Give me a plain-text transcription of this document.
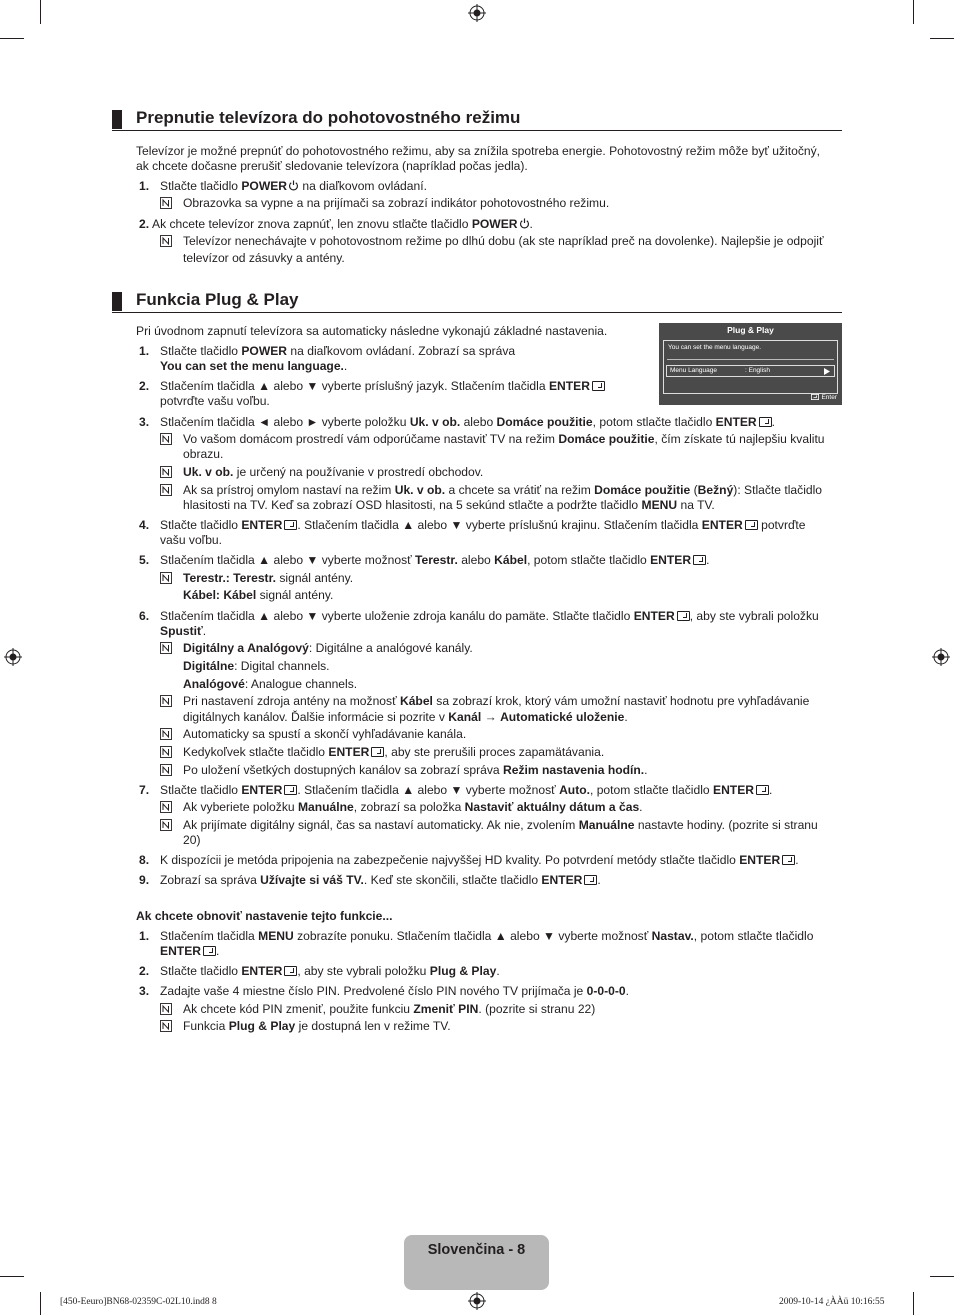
Prepnutie televízora do pohotovostného režimu
Televízor je možné prepnúť do pohotovostného režimu, aby sa znížila spotreba energie. Pohotovostný režim môže byť užitočný,
ak chcete dočasne prerušiť sledovanie televízora (napríklad počas jedla).
1. Stlačte tlačidlo POWER na diaľkovom ovládaní.
Obrazovka sa vypne a na prijímači sa zobrazí indikátor pohotovostného režimu.
2. Ak chcete televízor znova zapnúť, len znovu stlačte tlačidlo POWER .
Televízor nenechávajte v pohotovostnom režime po dlhú dobu (ak ste napríklad preč na dovolenke). Najlepšie je odpojiť
televízor od zásuvky a antény.
Funkcia Plug & Play
Pri úvodnom zapnutí televízora sa automaticky následne vykonajú základné nastavenia.	Plug & Play
You can set the menu language.
Menu Language	: English
Enter
1. Stlačte tlačidlo POWER na diaľkovom ovládaní. Zobrazí sa správa
You can set the menu language..
2. Stlačením tlačidla ▲ alebo ▼ vyberte príslušný jazyk. Stlačením tlačidla ENTER
potvrďte vašu voľbu.
3. Stlačením tlačidla ◄ alebo ► vyberte položku Uk. v ob. alebo Domáce použitie, potom stlačte tlačidlo ENTER .
Vo vašom domácom prostredí vám odporúčame nastaviť TV na režim Domáce použitie, čím získate tú najlepšiu kvalitu
obrazu.
Uk. v ob. je určený na používanie v prostredí obchodov.
Ak sa prístroj omylom nastaví na režim Uk. v ob. a chcete sa vrátiť na režim Domáce použitie (Bežný): Stlačte tlačidlo
hlasitosti na TV. Keď sa zobrazí OSD hlasitosti, na 5 sekúnd stlačte a podržte tlačidlo MENU na TV.
4. Stlačte tlačidlo ENTER . Stlačením tlačidla ▲ alebo ▼ vyberte príslušnú krajinu. Stlačením tlačidla ENTER potvrďte
vašu voľbu.
5. Stlačením tlačidla ▲ alebo ▼ vyberte možnosť Terestr. alebo Kábel, potom stlačte tlačidlo ENTER .
Terestr.: Terestr. signál antény.
Kábel: Kábel signál antény.
6. Stlačením tlačidla ▲ alebo ▼ vyberte uloženie zdroja kanálu do pamäte. Stlačte tlačidlo ENTER , aby ste vybrali položku
Spustiť.
Digitálny a Analógový: Digitálne a analógové kanály.
Digitálne: Digital channels.
Analógové: Analogue channels.
Pri nastavení zdroja antény na možnosť Kábel sa zobrazí krok, ktorý vám umožní nastaviť hodnotu pre vyhľadávanie
digitálnych kanálov. Ďalšie informácie si pozrite v Kanál → Automatické uloženie.
Automaticky sa spustí a skončí vyhľadávanie kanála.
Kedykoľvek stlačte tlačidlo ENTER , aby ste prerušili proces zapamätávania.
Po uložení všetkých dostupných kanálov sa zobrazí správa Režim nastavenia hodín..
7. Stlačte tlačidlo ENTER . Stlačením tlačidla ▲ alebo ▼ vyberte možnosť Auto., potom stlačte tlačidlo ENTER .
Ak vyberiete položku Manuálne, zobrazí sa položka Nastaviť aktuálny dátum a čas.
Ak prijímate digitálny signál, čas sa nastaví automaticky. Ak nie, zvolením Manuálne nastavte hodiny. (pozrite si stranu
20)
8. K dispozícii je metóda pripojenia na zabezpečenie najvyššej HD kvality. Po potvrdení metódy stlačte tlačidlo ENTER .
9. Zobrazí sa správa Užívajte si váš TV.. Keď ste skončili, stlačte tlačidlo ENTER .
Ak chcete obnoviť nastavenie tejto funkcie...
1. Stlačením tlačidla MENU zobrazíte ponuku. Stlačením tlačidla ▲ alebo ▼ vyberte možnosť Nastav., potom stlačte tlačidlo
ENTER .
2. Stlačte tlačidlo ENTER , aby ste vybrali položku Plug & Play.
3. Zadajte vaše 4 miestne číslo PIN. Predvolené číslo PIN nového TV prijímača je 0-0-0-0.
Ak chcete kód PIN zmeniť, použite funkciu Zmeniť PIN. (pozrite si stranu 22)
Funkcia Plug & Play je dostupná len v režime TV.
Slovenčina - 8
[450-Eeuro]BN68-02359C-02L10.ind8 8	2009-10-14 ¿ÀÀü 10:16:55
